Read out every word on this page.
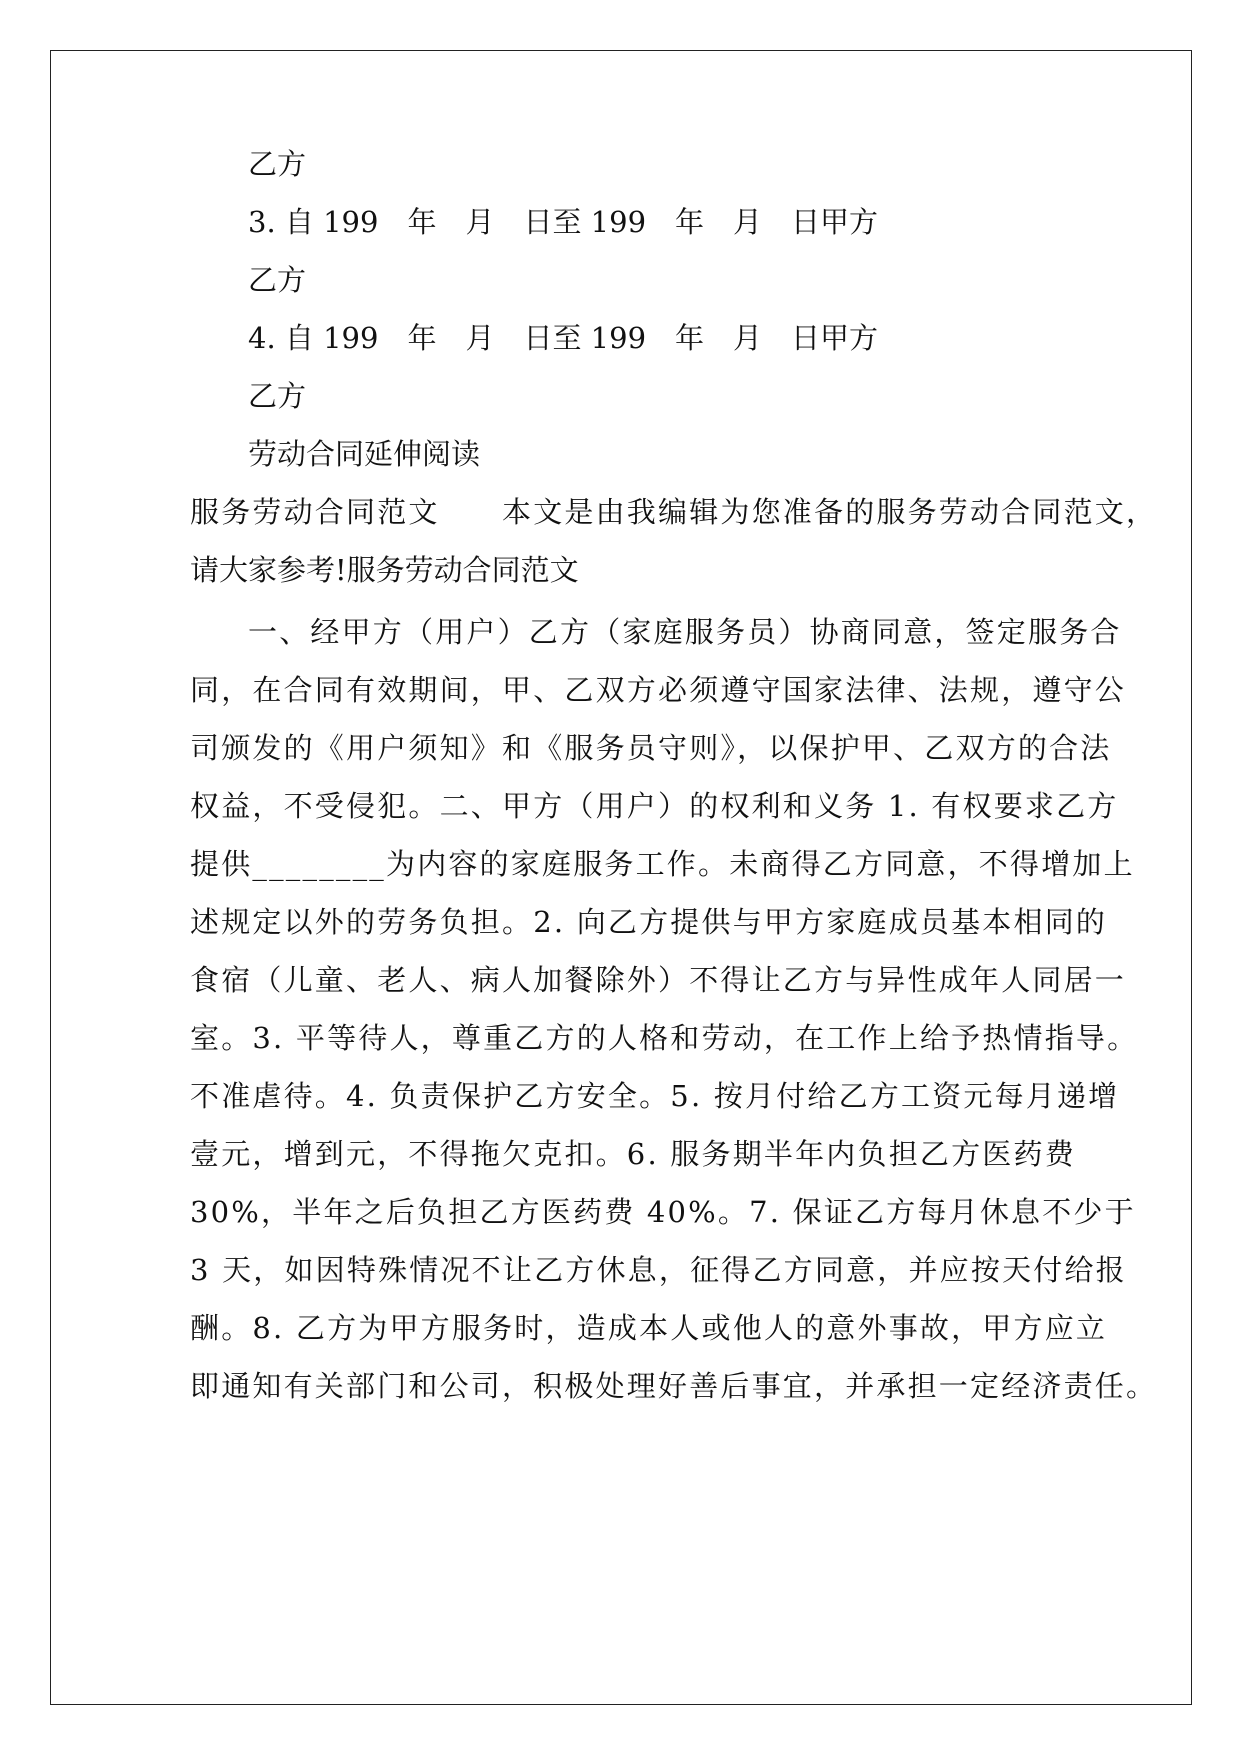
乙方
3. 自 199　年　月　日至 199　年　月　日甲方
乙方
4. 自 199　年　月　日至 199　年　月　日甲方
乙方
劳动合同延伸阅读
服务劳动合同范文　　本文是由我编辑为您准备的服务劳动合同范文，
请大家参考!服务劳动合同范文
一、经甲方（用户）乙方（家庭服务员）协商同意，签定服务合
同，在合同有效期间，甲、乙双方必须遵守国家法律、法规，遵守公
司颁发的《用户须知》和《服务员守则》，以保护甲、乙双方的合法
权益，不受侵犯。二、甲方（用户）的权利和义务 1. 有权要求乙方
提供________为内容的家庭服务工作。未商得乙方同意，不得增加上
述规定以外的劳务负担。2. 向乙方提供与甲方家庭成员基本相同的
食宿（儿童、老人、病人加餐除外）不得让乙方与异性成年人同居一
室。3. 平等待人，尊重乙方的人格和劳动，在工作上给予热情指导。
不准虐待。4. 负责保护乙方安全。5. 按月付给乙方工资元每月递增
壹元，增到元，不得拖欠克扣。6. 服务期半年内负担乙方医药费
30%，半年之后负担乙方医药费 40%。7. 保证乙方每月休息不少于
3 天，如因特殊情况不让乙方休息，征得乙方同意，并应按天付给报
酬。8. 乙方为甲方服务时，造成本人或他人的意外事故，甲方应立
即通知有关部门和公司，积极处理好善后事宜，并承担一定经济责任。
